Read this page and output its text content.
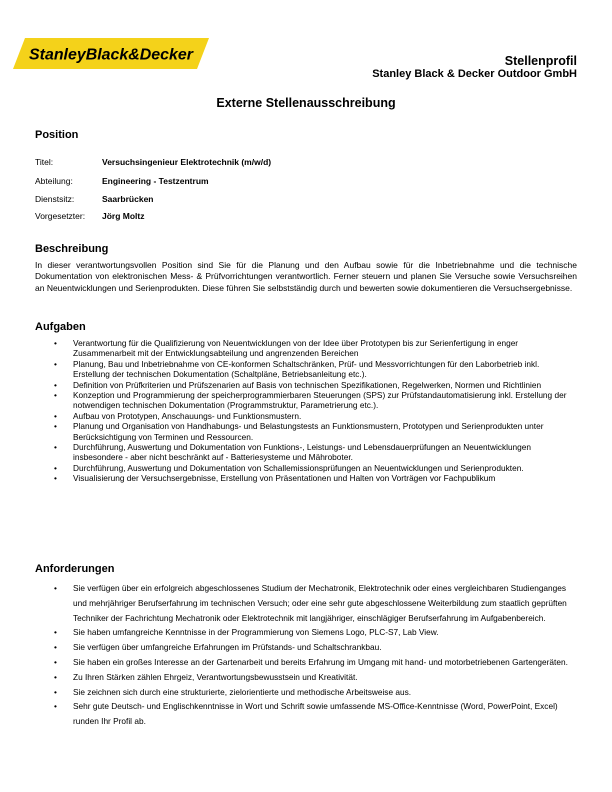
StanleyBlack&Decker	Stellenprofil
Stanley Black & Decker Outdoor GmbH
Externe Stellenausschreibung
Position
Titel:	Versuchsingenieur Elektrotechnik (m/w/d)
Abteilung:	Engineering - Testzentrum
Dienstsitz:	Saarbrücken
Vorgesetzter: Jörg Moltz
Beschreibung
In dieser verantwortungsvollen Position sind Sie für die Planung und den Aufbau sowie für die Inbetriebnahme und die technische Dokumentation von elektronischen Mess- & Prüfvorrichtungen verantwortlich. Ferner steuern und planen Sie Versuche sowie Versuchsreihen an Neuentwicklungen und Serienprodukten. Diese führen Sie selbstständig durch und bewerten sowie dokumentieren die Versuchsergebnisse.
Aufgaben
• Verantwortung für die Qualifizierung von Neuentwicklungen von der Idee über Prototypen bis zur Serienfertigung in enger Zusammenarbeit mit der Entwicklungsabteilung und angrenzenden Bereichen
• Planung, Bau und Inbetriebnahme von CE-konformen Schaltschränken, Prüf- und Messvorrichtungen für den Laborbetrieb inkl. Erstellung der technischen Dokumentation (Schaltpläne, Betriebsanleitung etc.).
• Definition von Prüfkriterien und Prüfszenarien auf Basis von technischen Spezifikationen, Regelwerken, Normen und Richtlinien
• Konzeption und Programmierung der speicherprogrammierbaren Steuerungen (SPS) zur Prüfstandautomatisierung inkl. Erstellung der notwendigen technischen Dokumentation (Programmstruktur, Parametrierung etc.).
• Aufbau von Prototypen, Anschauungs- und Funktionsmustern.
• Planung und Organisation von Handhabungs- und Belastungstests an Funktionsmustern, Prototypen und Serienprodukten unter Berücksichtigung von Terminen und Ressourcen.
• Durchführung, Auswertung und Dokumentation von Funktions-, Leistungs- und Lebensdauerprüfungen an Neuentwicklungen insbesondere - aber nicht beschränkt auf - Batteriesysteme und Mähroboter.
• Durchführung, Auswertung und Dokumentation von Schallemissionsprüfungen an Neuentwicklungen und Serienprodukten.
• Visualisierung der Versuchsergebnisse, Erstellung von Präsentationen und Halten von Vorträgen vor Fachpublikum
Anforderungen
• Sie verfügen über ein erfolgreich abgeschlossenes Studium der Mechatronik, Elektrotechnik oder eines vergleichbaren Studienganges und mehrjähriger Berufserfahrung im technischen Versuch; oder eine sehr gute abgeschlossene Weiterbildung zum staatlich geprüften Techniker der Fachrichtung Mechatronik oder Elektrotechnik mit langjähriger, einschlägiger Berufserfahrung im Aufgabenbereich.
• Sie haben umfangreiche Kenntnisse in der Programmierung von Siemens Logo, PLC-S7, Lab View.
• Sie verfügen über umfangreiche Erfahrungen im Prüfstands- und Schaltschrankbau.
• Sie haben ein großes Interesse an der Gartenarbeit und bereits Erfahrung im Umgang mit hand- und motorbetriebenen Gartengeräten.
• Zu Ihren Stärken zählen Ehrgeiz, Verantwortungsbewusstsein und Kreativität.
• Sie zeichnen sich durch eine strukturierte, zielorientierte und methodische Arbeitsweise aus.
• Sehr gute Deutsch- und Englischkenntnisse in Wort und Schrift sowie umfassende MS-Office-Kenntnisse (Word, PowerPoint, Excel) runden Ihr Profil ab.
